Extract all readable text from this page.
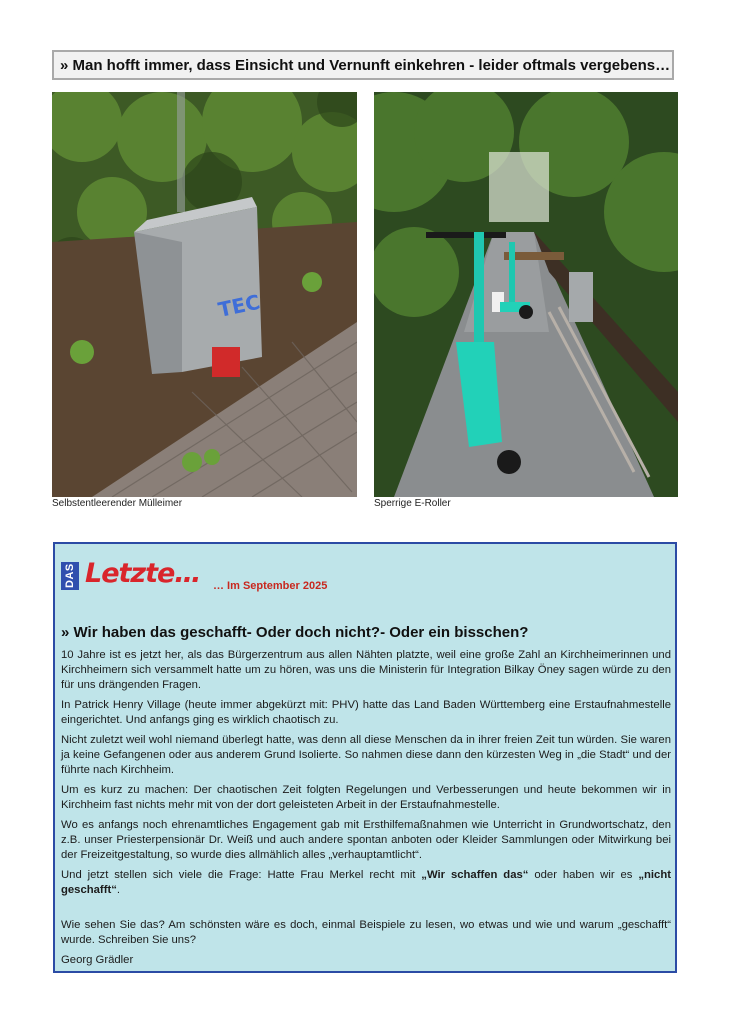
» Man hofft immer, dass Einsicht und Vernunft einkehren - leider oftmals vergebens…
TEC
Selbstentleerender Mülleimer	Sperrige E-Roller
DAS Letzte… … Im September 2025
» Wir haben das geschafft- Oder doch nicht?- Oder ein bisschen?

10 Jahre ist es jetzt her, als das Bürgerzentrum aus allen Nähten platzte, weil eine große Zahl an Kirchheimerinnen und Kirchheimern sich versammelt hatte um zu hören, was uns die Ministerin für Integration Bilkay Öney sagen würde zu den für uns drängenden Fragen.

In Patrick Henry Village (heute immer abgekürzt mit: PHV) hatte das Land Baden Württemberg eine Erstaufnahmestelle eingerichtet. Und anfangs ging es wirklich chaotisch zu.

Nicht zuletzt weil wohl niemand überlegt hatte, was denn all diese Menschen da in ihrer freien Zeit tun würden. Sie waren ja keine Gefangenen oder aus anderem Grund Isolierte. So nahmen diese dann den kürzesten Weg in „die Stadt“ und der führte nach Kirchheim.

Um es kurz zu machen: Der chaotischen Zeit folgten Regelungen und Verbesserungen und heute bekommen wir in Kirchheim fast nichts mehr mit von der dort geleisteten Arbeit in der Erstaufnahmestelle.

Wo es anfangs noch ehrenamtliches Engagement gab mit Ersthilfemaßnahmen wie Unterricht in Grundwortschatz, den z.B. unser Priesterpensionär Dr. Weiß und auch andere spontan anboten oder Kleider Sammlungen oder Mitwirkung bei der Freizeitgestaltung, so wurde dies allmählich alles „verhauptamtlicht“.

Und jetzt stellen sich viele die Frage: Hatte Frau Merkel recht mit „Wir schaffen das“ oder haben wir es „nicht geschafft“.

Wie sehen Sie das? Am schönsten wäre es doch, einmal Beispiele zu lesen, wo etwas und wie und warum „geschafft“ wurde. Schreiben Sie uns?

Georg Grädler
